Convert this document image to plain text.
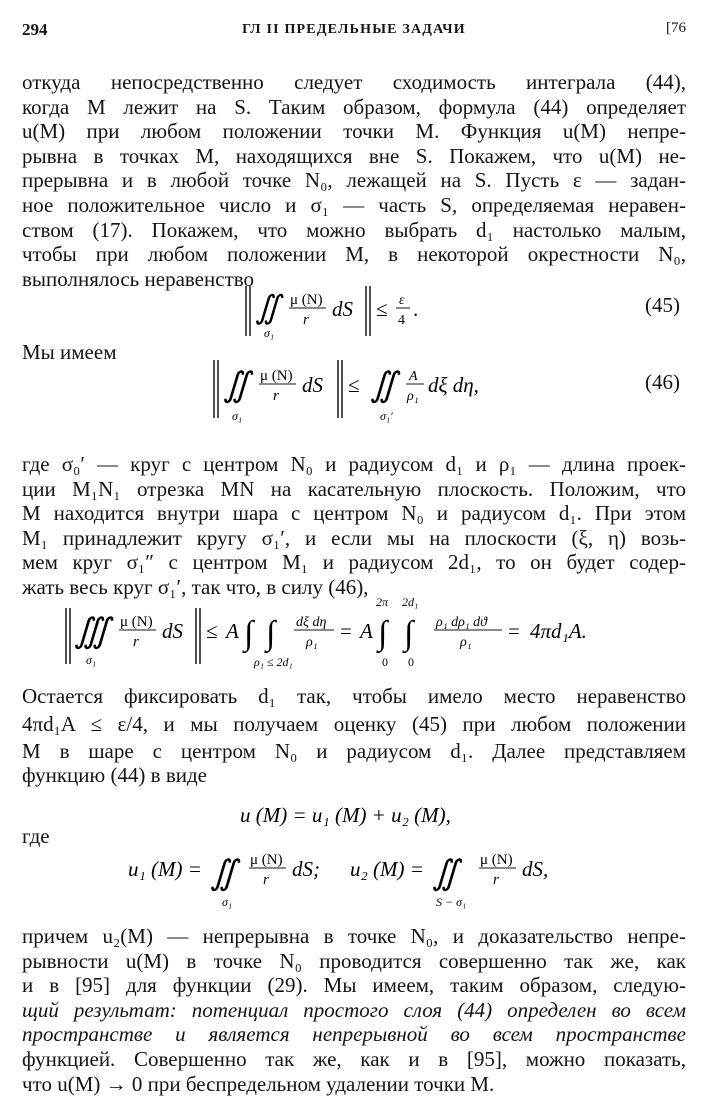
294	ГЛ II ПРЕДЕЛЬНЫЕ ЗАДАЧИ	[76
откуда непосредственно следует сходимость интеграла (44),
когда M лежит на S. Таким образом, формула (44) определяет
u(M) при любом положении точки M. Функция u(M) непре-
рывна в точках M, находящихся вне S. Покажем, что u(M) не-
прерывна и в любой точке N₀, лежащей на S. Пусть ε — задан-
ное положительное число и σ₁ — часть S, определяемая неравен-
ством (17). Покажем, что можно выбрать d₁ настолько малым,
чтобы при любом положении M, в некоторой окрестности N₀,
выполнялось неравенство
∬
σ₁
μ (N)
r dS ≤ ε
4 .	(45)
Мы имеем
∬
σ₁
μ (N)
r dS ≤ ∬
σ₁′
A
ρ₁ dξ dη,	(46)
где σ₀′ — круг с центром N₀ и радиусом d₁ и ρ₁ — длина проек-
ции M₁N₁ отрезка MN на касательную плоскость. Положим, что
M находится внутри шара с центром N₀ и радиусом d₁. При этом
M₁ принадлежит кругу σ₁′, и если мы на плоскости (ξ, η) возь-
мем круг σ₁″ с центром M₁ и радиусом 2d₁, то он будет содер-
жать весь круг σ₁′, так что, в силу (46),
∭
σ₁
μ (N)
r dS ≤ A ∫ ∫
ρ₁ ≤ 2d₁
dξ dη
ρ₁ = A ∫
2π
0
∫
2d₁
0
ρ₁ dρ₁ dϑ
ρ₁ = 4πd₁A.
Остается фиксировать d₁ так, чтобы имело место неравенство
4πd₁A ≤ ε/4, и мы получаем оценку (45) при любом положении
M в шаре с центром N₀ и радиусом d₁. Далее представляем
функцию (44) в виде
u (M) = u₁ (M) + u₂ (M),
где
u₁ (M) = ∬
σ₁
μ (N)
r dS; u₂ (M) = ∬
S − σ₁
μ (N)
r dS,
причем u₂(M) — непрерывна в точке N₀, и доказательство непре-
рывности u(M) в точке N₀ проводится совершенно так же, как
и в [95] для функции (29). Мы имеем, таким образом, следую-
щий результат: потенциал простого слоя (44) определен во всем
пространстве и является непрерывной во всем пространстве
функцией. Совершенно так же, как и в [95], можно показать,
что u(M) → 0 при беспредельном удалении точки M.
